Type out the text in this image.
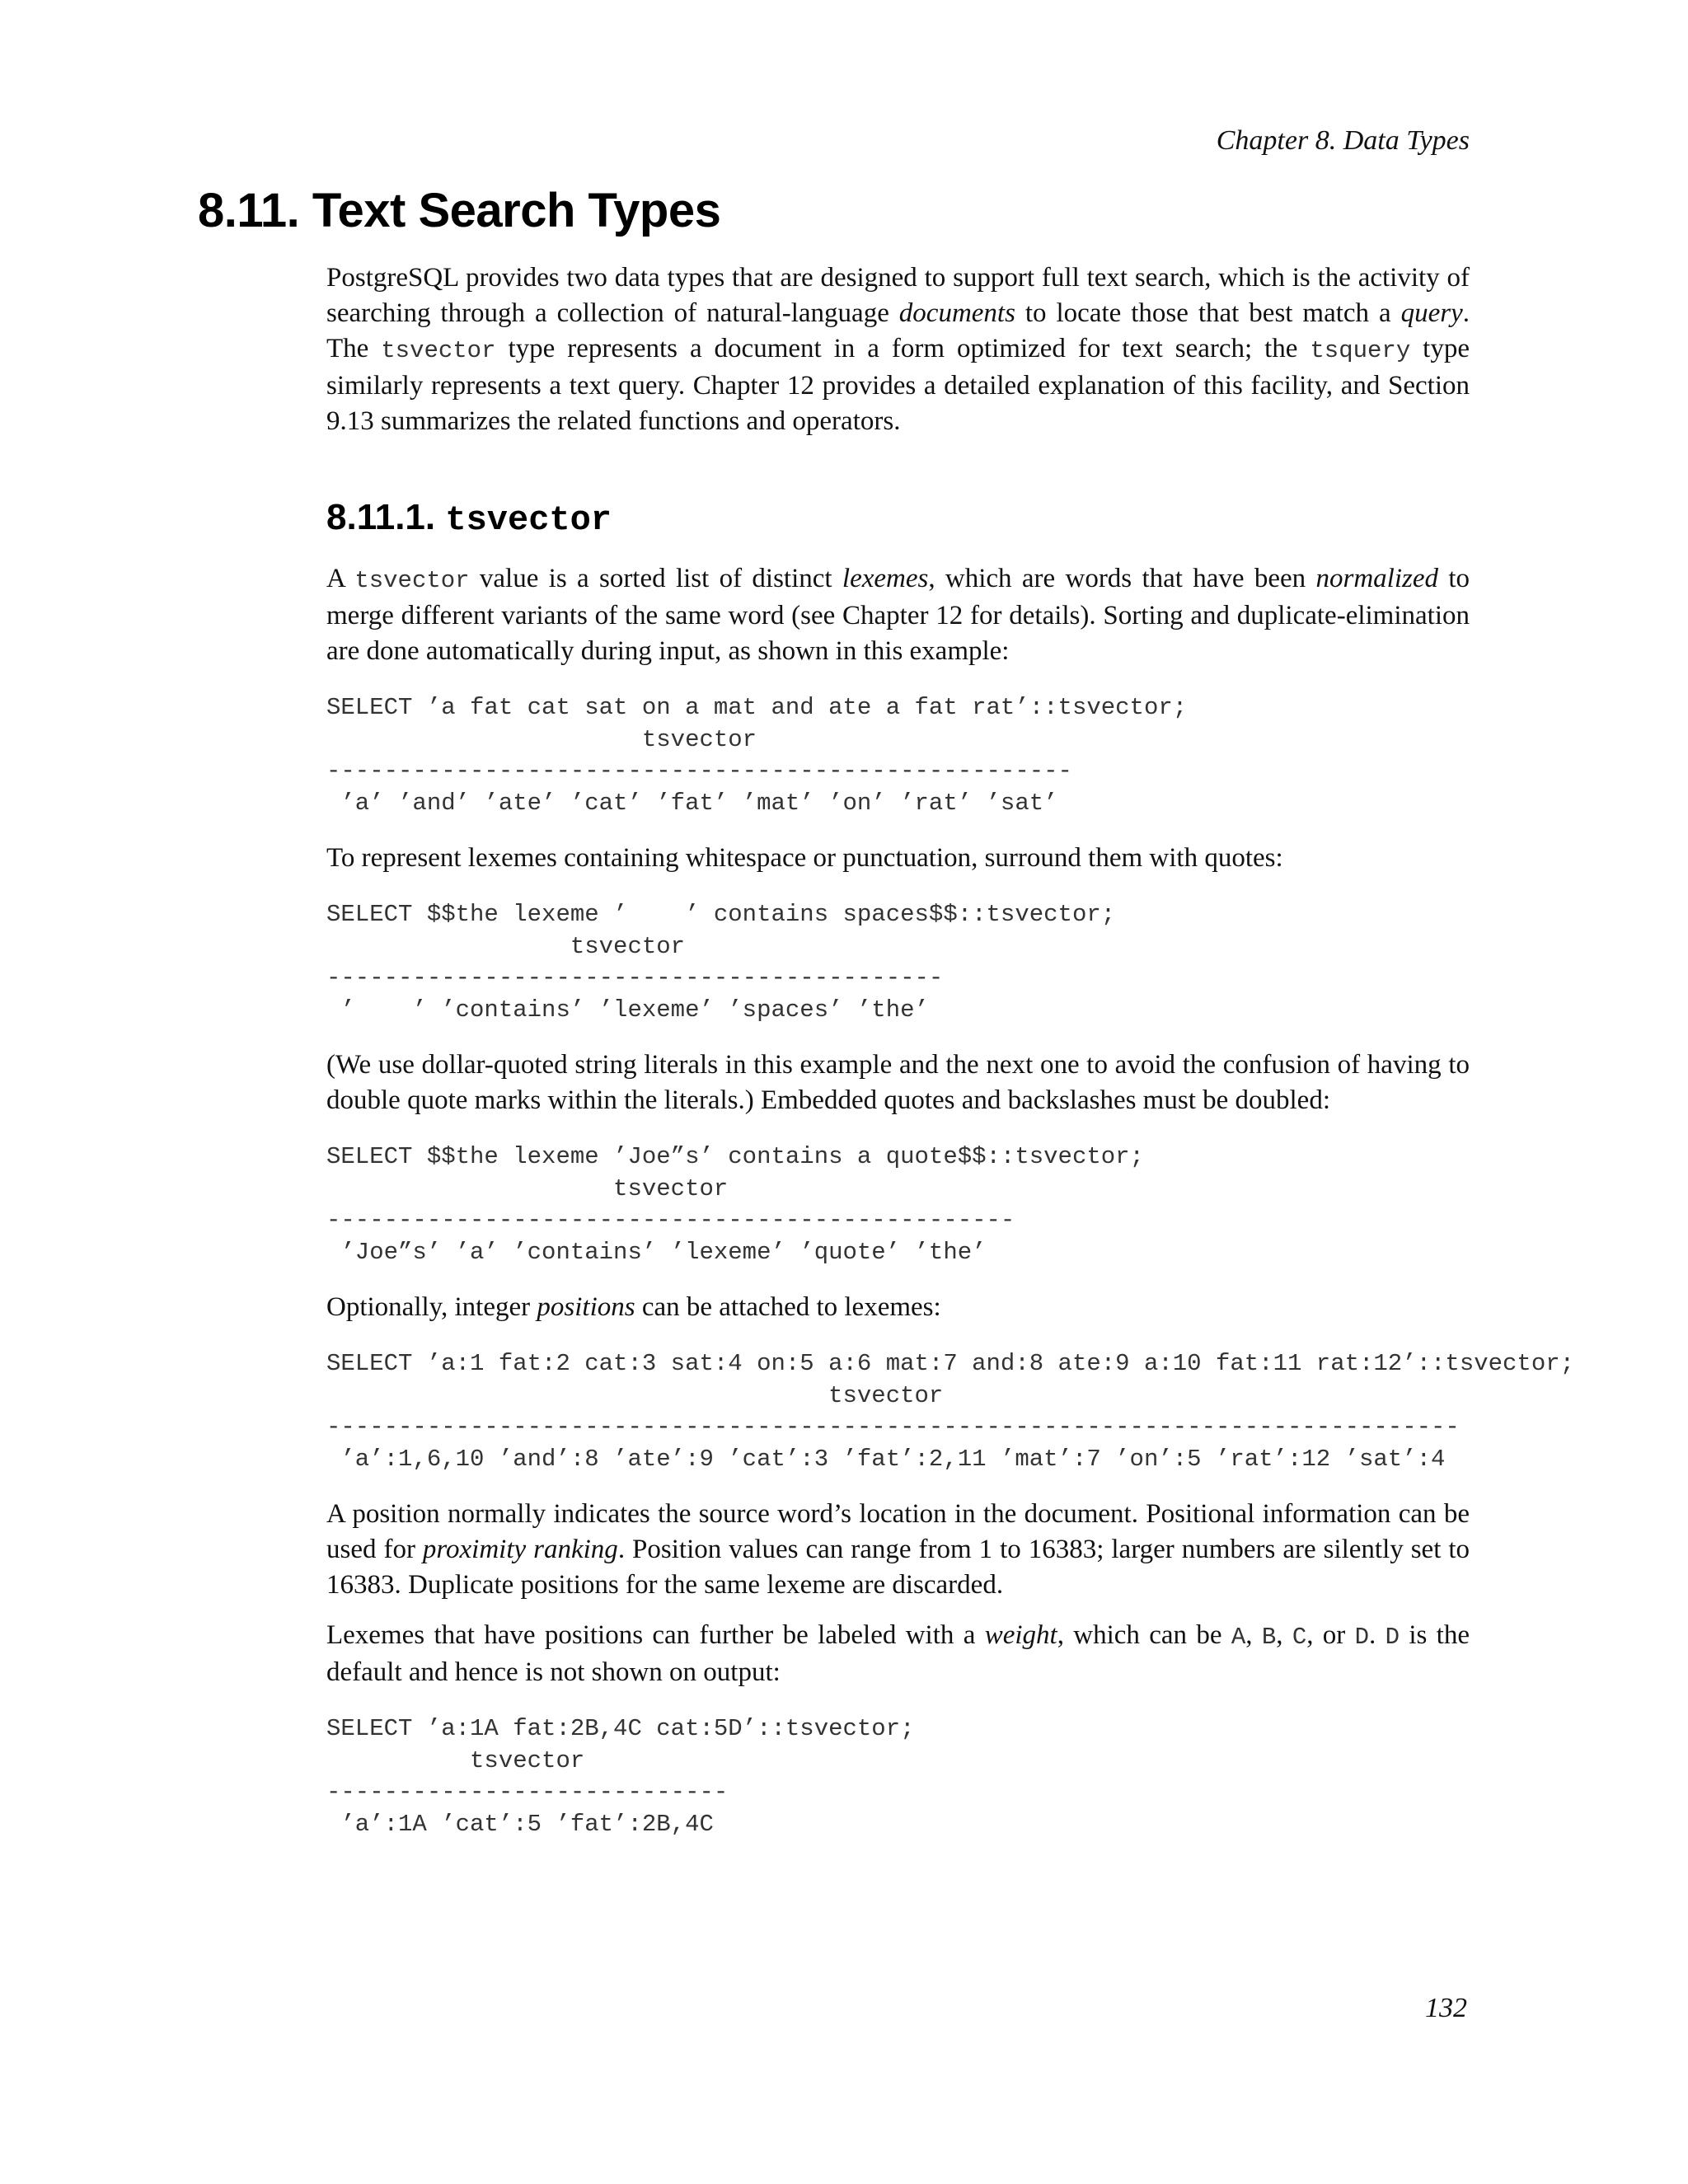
Chapter 8. Data Types
8.11. Text Search Types

PostgreSQL provides two data types that are designed to support full text search, which is the activity of searching through a collection of natural-language documents to locate those that best match a query. The tsvector type represents a document in a form optimized for text search; the tsquery type similarly represents a text query. Chapter 12 provides a detailed explanation of this facility, and Section 9.13 summarizes the related functions and operators.

8.11.1. tsvector

A tsvector value is a sorted list of distinct lexemes, which are words that have been normalized to merge different variants of the same word (see Chapter 12 for details). Sorting and duplicate-elimination are done automatically during input, as shown in this example:

SELECT ’a fat cat sat on a mat and ate a fat rat’::tsvector;
tsvector
----------------------------------------------------
’a’ ’and’ ’ate’ ’cat’ ’fat’ ’mat’ ’on’ ’rat’ ’sat’

To represent lexemes containing whitespace or punctuation, surround them with quotes:

SELECT $$the lexeme ’    ’ contains spaces$$::tsvector;
tsvector
-------------------------------------------
’    ’ ’contains’ ’lexeme’ ’spaces’ ’the’

(We use dollar-quoted string literals in this example and the next one to avoid the confusion of having to double quote marks within the literals.) Embedded quotes and backslashes must be doubled:

SELECT $$the lexeme ’Joe”s’ contains a quote$$::tsvector;
tsvector
------------------------------------------------
’Joe”s’ ’a’ ’contains’ ’lexeme’ ’quote’ ’the’

Optionally, integer positions can be attached to lexemes:

SELECT ’a:1 fat:2 cat:3 sat:4 on:5 a:6 mat:7 and:8 ate:9 a:10 fat:11 rat:12’::tsvector;
tsvector
-------------------------------------------------------------------------------
’a’:1,6,10 ’and’:8 ’ate’:9 ’cat’:3 ’fat’:2,11 ’mat’:7 ’on’:5 ’rat’:12 ’sat’:4

A position normally indicates the source word’s location in the document. Positional information can be used for proximity ranking. Position values can range from 1 to 16383; larger numbers are silently set to 16383. Duplicate positions for the same lexeme are discarded.

Lexemes that have positions can further be labeled with a weight, which can be A, B, C, or D. D is the default and hence is not shown on output:

SELECT ’a:1A fat:2B,4C cat:5D’::tsvector;
tsvector
----------------------------
’a’:1A ’cat’:5 ’fat’:2B,4C
132
